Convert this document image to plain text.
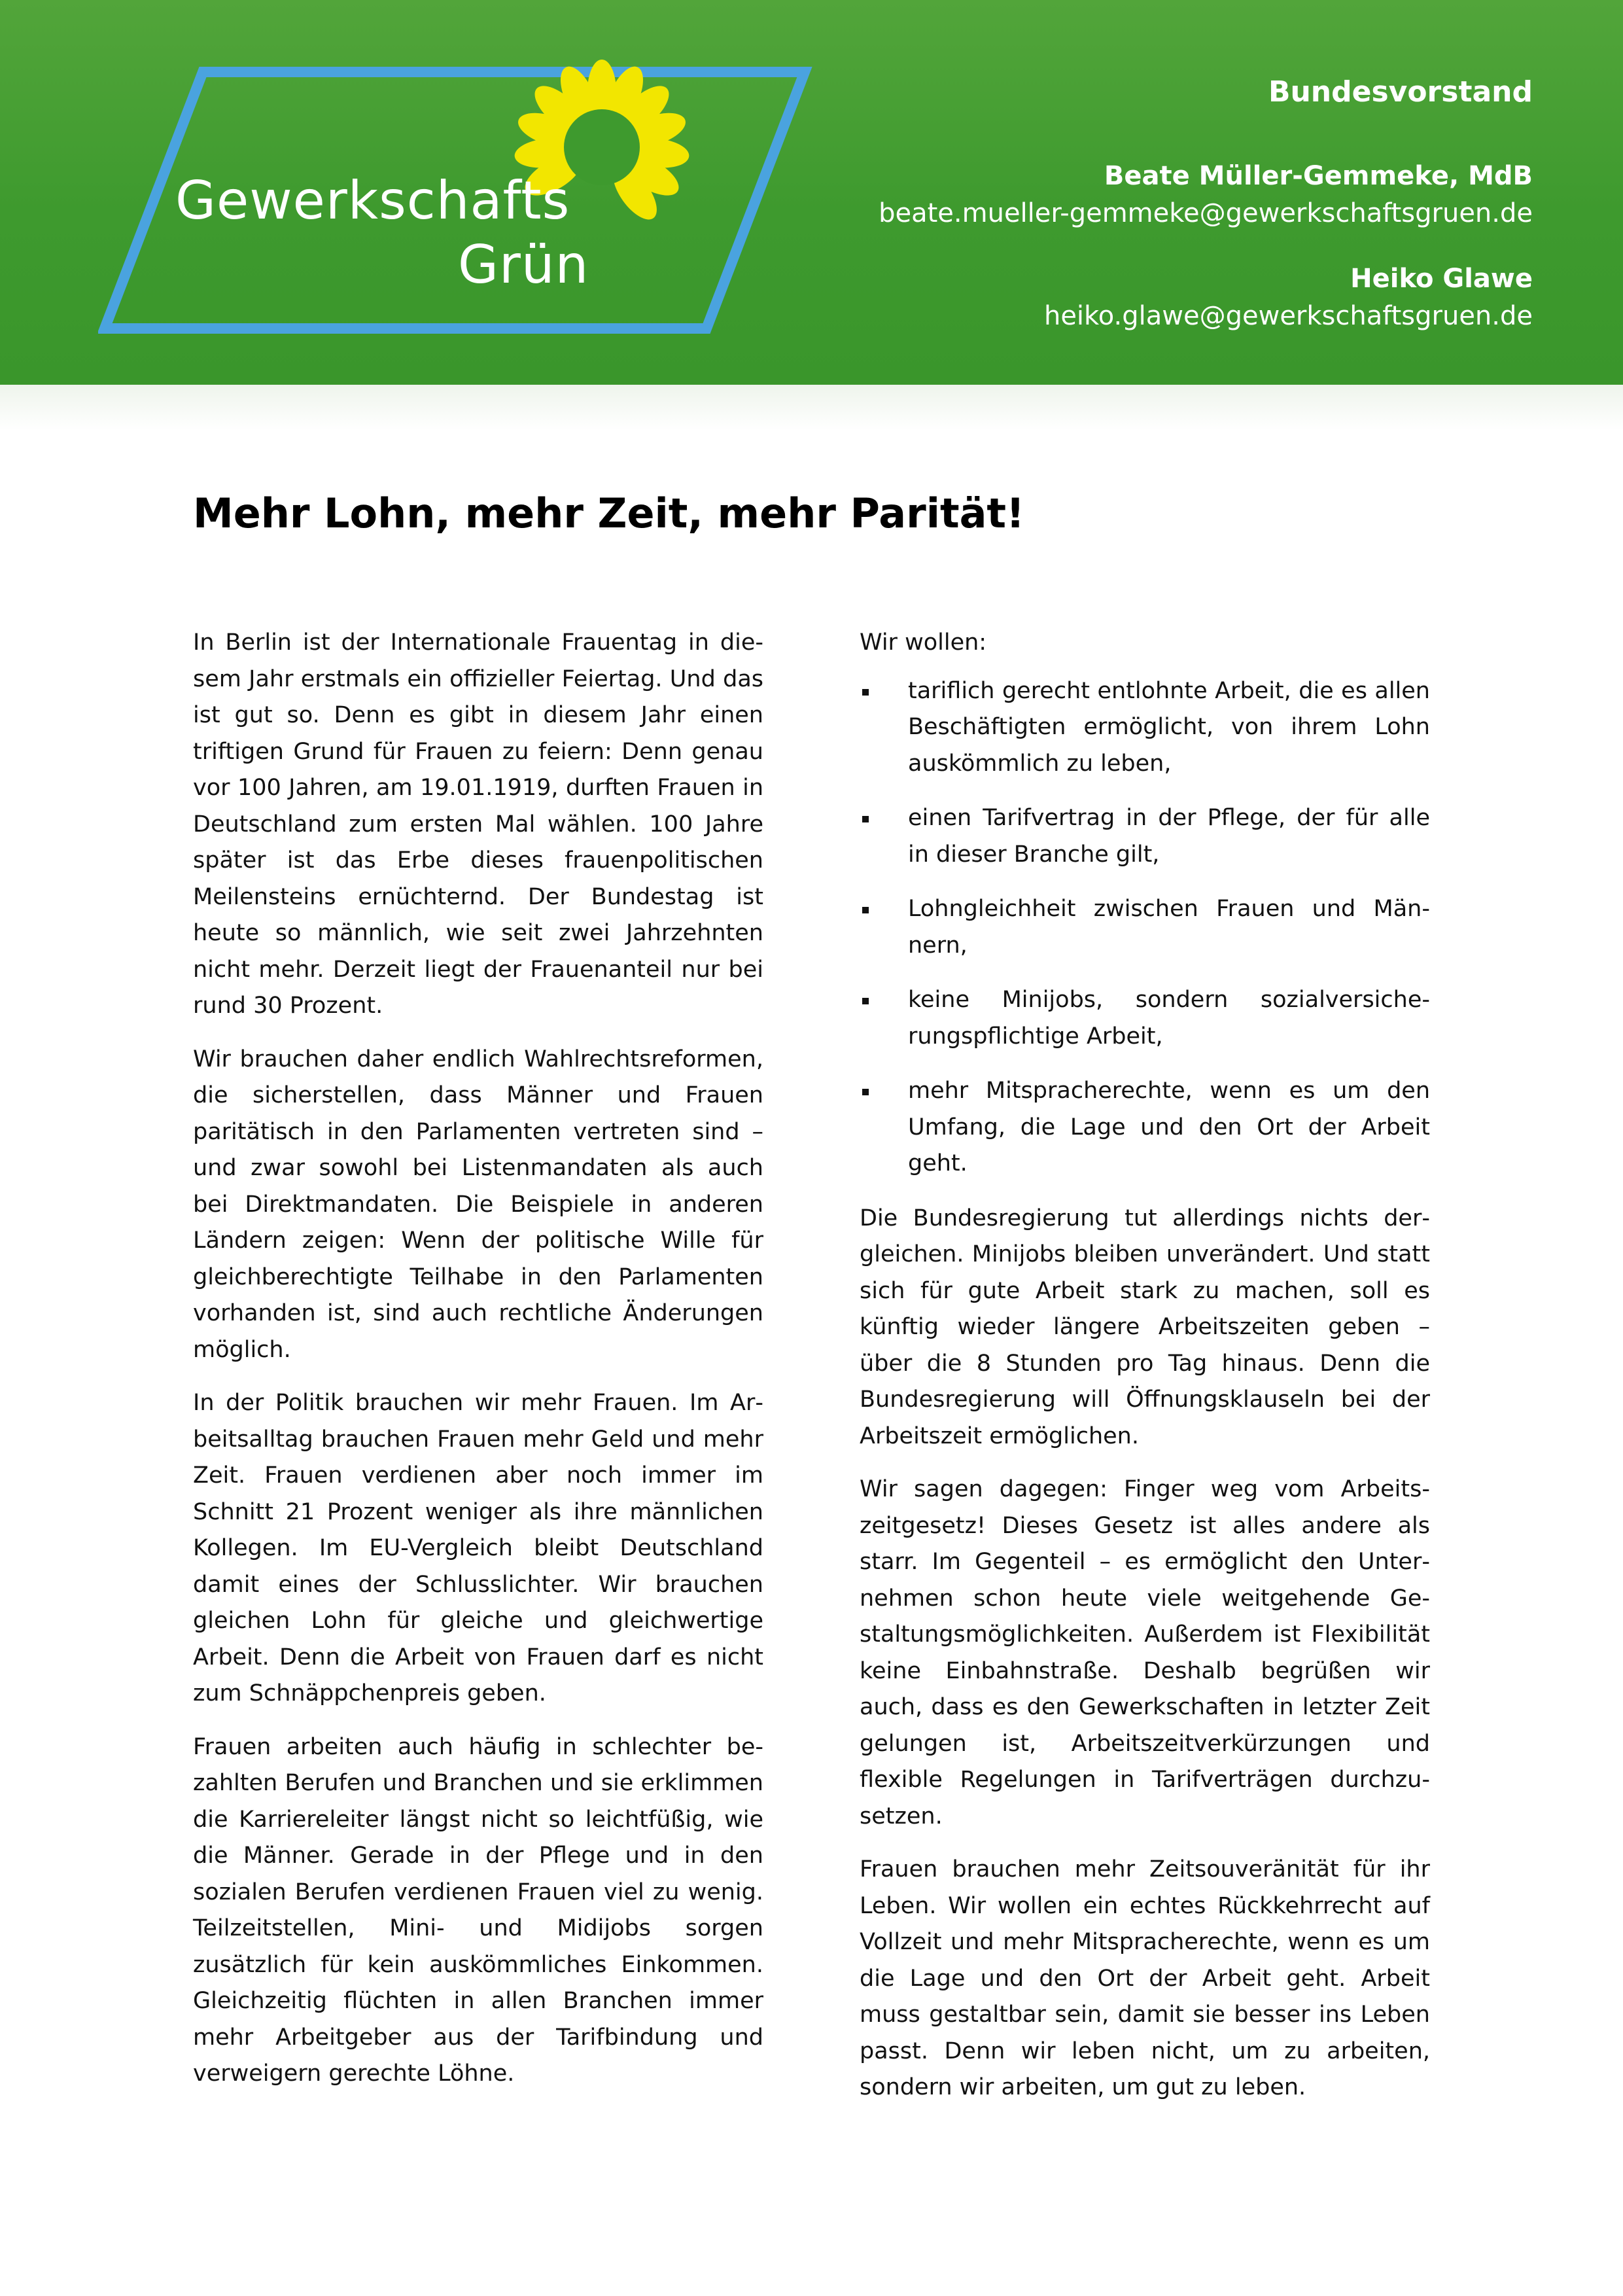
Gewerkschafts
Grün
Bundesvorstand
Beate Müller-Gemmeke, MdB
beate.mueller-gemmeke@gewerkschaftsgruen.de
Heiko Glawe
heiko.glawe@gewerkschaftsgruen.de
Mehr Lohn, mehr Zeit, mehr Parität!

In Berlin ist der Internationale Frauentag in diesem Jahr erstmals ein offizieller Feiertag. Und das ist gut so. Denn es gibt in diesem Jahr einen triftigen Grund für Frauen zu feiern: Denn genau vor 100 Jahren, am 19.01.1919, durften Frauen in Deutschland zum ersten Mal wählen. 100 Jahre später ist das Erbe dieses frauenpolitischen Meilensteins ernüchternd. Der Bundestag ist heute so männlich, wie seit zwei Jahrzehnten nicht mehr. Derzeit liegt der Frauenanteil nur bei rund 30 Prozent.

Wir brauchen daher endlich Wahlrechtsreformen, die sicherstellen, dass Männer und Frauen paritätisch in den Parlamenten vertreten sind – und zwar sowohl bei Listenmandaten als auch bei Direktmandaten. Die Beispiele in anderen Ländern zeigen: Wenn der politische Wille für gleichberechtigte Teilhabe in den Parlamenten vorhanden ist, sind auch rechtliche Änderungen möglich.

In der Politik brauchen wir mehr Frauen. Im Arbeitsalltag brauchen Frauen mehr Geld und mehr Zeit. Frauen verdienen aber noch immer im Schnitt 21 Prozent weniger als ihre männlichen Kollegen. Im EU-Vergleich bleibt Deutschland damit eines der Schlusslichter. Wir brauchen gleichen Lohn für gleiche und gleichwertige Arbeit. Denn die Arbeit von Frauen darf es nicht zum Schnäppchenpreis geben.

Frauen arbeiten auch häufig in schlechter bezahlten Berufen und Branchen und sie erklimmen die Karriereleiter längst nicht so leichtfüßig, wie die Männer. Gerade in der Pflege und in den sozialen Berufen verdienen Frauen viel zu wenig. Teilzeitstellen, Mini- und Midijobs sorgen zusätzlich für kein auskömmliches Einkommen. Gleichzeitig flüchten in allen Branchen immer mehr Arbeitgeber aus der Tarifbindung und verweigern gerechte Löhne.

Wir wollen:

tariflich gerecht entlohnte Arbeit, die es allen Beschäftigten ermöglicht, von ihrem Lohn auskömmlich zu leben,
einen Tarifvertrag in der Pflege, der für alle in dieser Branche gilt,
Lohngleichheit zwischen Frauen und Männern,
keine Minijobs, sondern sozialversicherungspflichtige Arbeit,
mehr Mitspracherechte, wenn es um den Umfang, die Lage und den Ort der Arbeit geht.

Die Bundesregierung tut allerdings nichts dergleichen. Minijobs bleiben unverändert. Und statt sich für gute Arbeit stark zu machen, soll es künftig wieder längere Arbeitszeiten geben – über die 8 Stunden pro Tag hinaus. Denn die Bundesregierung will Öffnungsklauseln bei der Arbeitszeit ermöglichen.

Wir sagen dagegen: Finger weg vom Arbeitszeitgesetz! Dieses Gesetz ist alles andere als starr. Im Gegenteil – es ermöglicht den Unternehmen schon heute viele weitgehende Gestaltungsmöglichkeiten. Außerdem ist Flexibilität keine Einbahnstraße. Deshalb begrüßen wir auch, dass es den Gewerkschaften in letzter Zeit gelungen ist, Arbeitszeitverkürzungen und flexible Regelungen in Tarifverträgen durchzusetzen.

Frauen brauchen mehr Zeitsouveränität für ihr Leben. Wir wollen ein echtes Rückkehrrecht auf Vollzeit und mehr Mitspracherechte, wenn es um die Lage und den Ort der Arbeit geht. Arbeit muss gestaltbar sein, damit sie besser ins Leben passt. Denn wir leben nicht, um zu arbeiten, sondern wir arbeiten, um gut zu leben.
